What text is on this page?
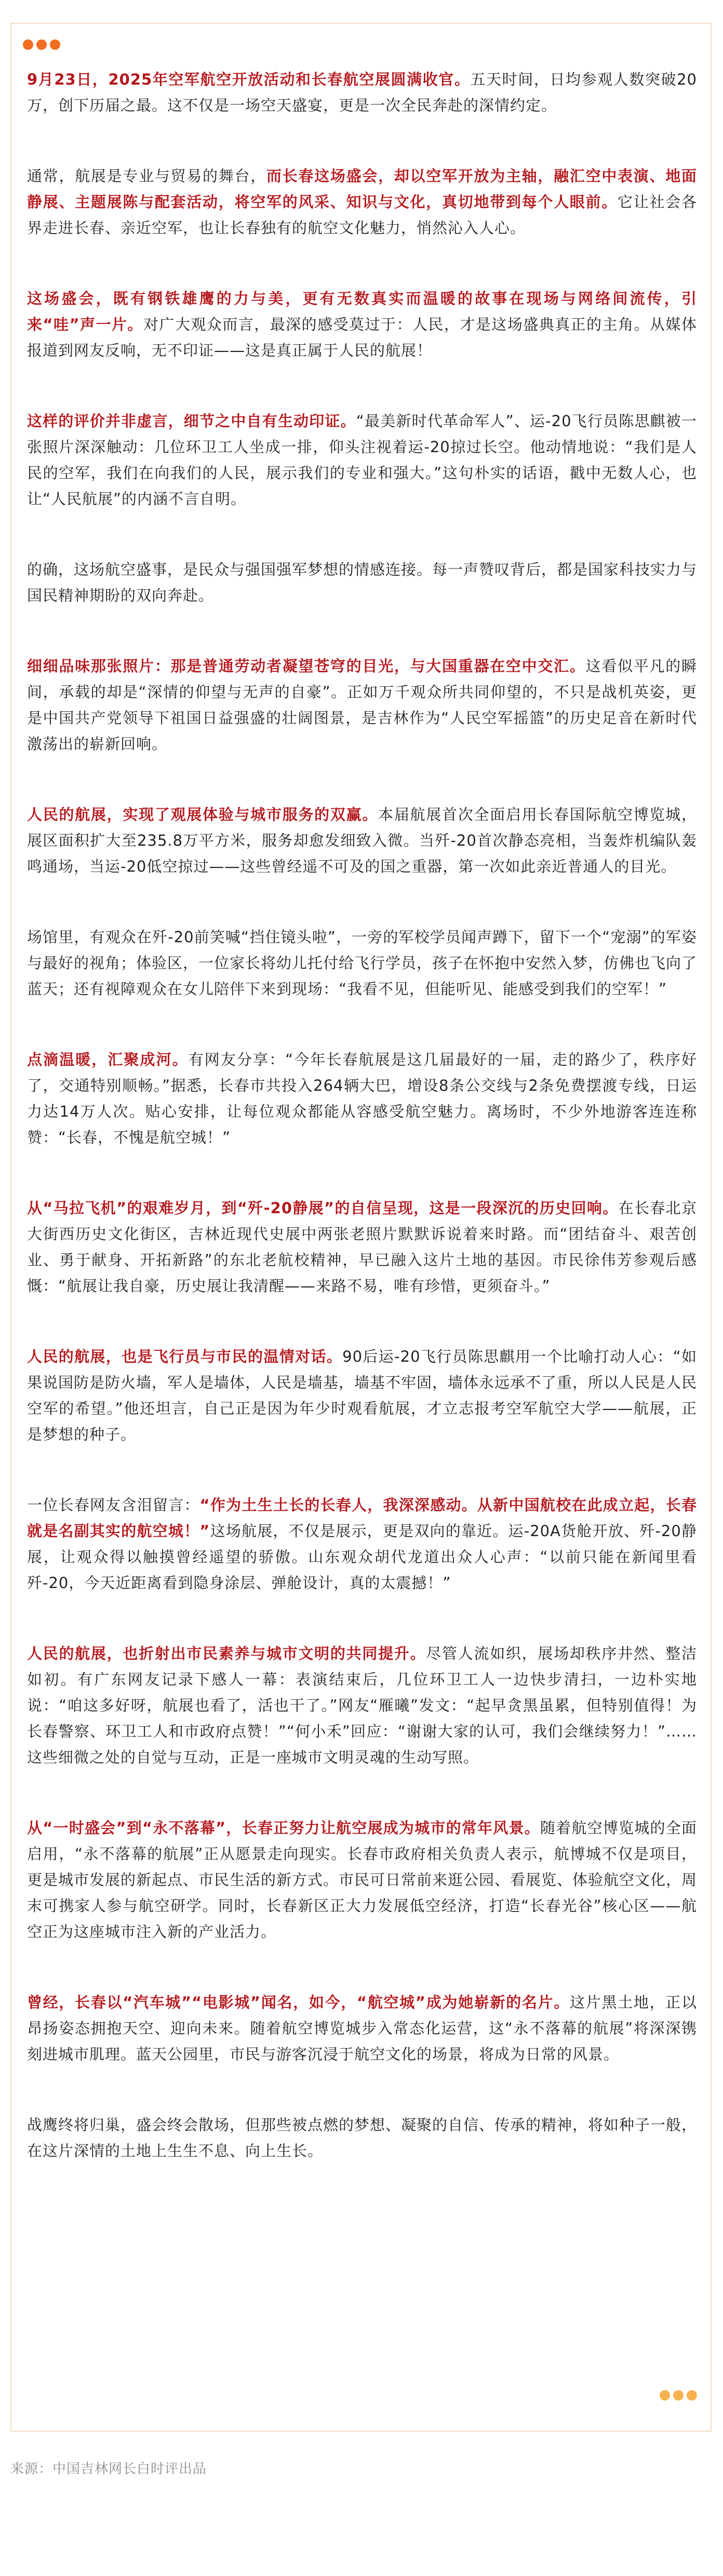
9月23日，2025年空军航空开放活动和长春航空展圆满收官。五天时间，日均参观人数突破20万，创下历届之最。这不仅是一场空天盛宴，更是一次全民奔赴的深情约定。

通常，航展是专业与贸易的舞台，而长春这场盛会，却以空军开放为主轴，融汇空中表演、地面静展、主题展陈与配套活动，将空军的风采、知识与文化，真切地带到每个人眼前。它让社会各界走进长春、亲近空军，也让长春独有的航空文化魅力，悄然沁入人心。

这场盛会，既有钢铁雄鹰的力与美，更有无数真实而温暖的故事在现场与网络间流传，引来“哇”声一片。对广大观众而言，最深的感受莫过于：人民，才是这场盛典真正的主角。从媒体报道到网友反响，无不印证——这是真正属于人民的航展！

这样的评价并非虚言，细节之中自有生动印证。“最美新时代革命军人”、运-20飞行员陈思麒被一张照片深深触动：几位环卫工人坐成一排，仰头注视着运-20掠过长空。他动情地说：“我们是人民的空军，我们在向我们的人民，展示我们的专业和强大。”这句朴实的话语，戳中无数人心，也让“人民航展”的内涵不言自明。

的确，这场航空盛事，是民众与强国强军梦想的情感连接。每一声赞叹背后，都是国家科技实力与国民精神期盼的双向奔赴。

细细品味那张照片：那是普通劳动者凝望苍穹的目光，与大国重器在空中交汇。这看似平凡的瞬间，承载的却是“深情的仰望与无声的自豪”。正如万千观众所共同仰望的，不只是战机英姿，更是中国共产党领导下祖国日益强盛的壮阔图景，是吉林作为“人民空军摇篮”的历史足音在新时代激荡出的崭新回响。

人民的航展，实现了观展体验与城市服务的双赢。本届航展首次全面启用长春国际航空博览城，展区面积扩大至235.8万平方米，服务却愈发细致入微。当歼-20首次静态亮相，当轰炸机编队轰鸣通场，当运-20低空掠过——这些曾经遥不可及的国之重器，第一次如此亲近普通人的目光。

场馆里，有观众在歼-20前笑喊“挡住镜头啦”，一旁的军校学员闻声蹲下，留下一个“宠溺”的军姿与最好的视角；体验区，一位家长将幼儿托付给飞行学员，孩子在怀抱中安然入梦，仿佛也飞向了蓝天；还有视障观众在女儿陪伴下来到现场：“我看不见，但能听见、能感受到我们的空军！”

点滴温暖，汇聚成河。有网友分享：“今年长春航展是这几届最好的一届，走的路少了，秩序好了，交通特别顺畅。”据悉，长春市共投入264辆大巴，增设8条公交线与2条免费摆渡专线，日运力达14万人次。贴心安排，让每位观众都能从容感受航空魅力。离场时，不少外地游客连连称赞：“长春，不愧是航空城！”

从“马拉飞机”的艰难岁月，到“歼-20静展”的自信呈现，这是一段深沉的历史回响。在长春北京大街西历史文化街区，吉林近现代史展中两张老照片默默诉说着来时路。而“团结奋斗、艰苦创业、勇于献身、开拓新路”的东北老航校精神，早已融入这片土地的基因。市民徐伟芳参观后感慨：“航展让我自豪，历史展让我清醒——来路不易，唯有珍惜，更须奋斗。”

人民的航展，也是飞行员与市民的温情对话。90后运-20飞行员陈思麒用一个比喻打动人心：“如果说国防是防火墙，军人是墙体，人民是墙基，墙基不牢固，墙体永远承不了重，所以人民是人民空军的希望。”他还坦言，自己正是因为年少时观看航展，才立志报考空军航空大学——航展，正是梦想的种子。

一位长春网友含泪留言：“作为土生土长的长春人，我深深感动。从新中国航校在此成立起，长春就是名副其实的航空城！”这场航展，不仅是展示，更是双向的靠近。运-20A货舱开放、歼-20静展，让观众得以触摸曾经遥望的骄傲。山东观众胡代龙道出众人心声：“以前只能在新闻里看歼-20，今天近距离看到隐身涂层、弹舱设计，真的太震撼！”

人民的航展，也折射出市民素养与城市文明的共同提升。尽管人流如织，展场却秩序井然、整洁如初。有广东网友记录下感人一幕：表演结束后，几位环卫工人一边快步清扫，一边朴实地说：“咱这多好呀，航展也看了，活也干了。”网友“雁曦”发文：“起早贪黑虽累，但特别值得！为长春警察、环卫工人和市政府点赞！”“何小禾”回应：“谢谢大家的认可，我们会继续努力！”……这些细微之处的自觉与互动，正是一座城市文明灵魂的生动写照。

从“一时盛会”到“永不落幕”，长春正努力让航空展成为城市的常年风景。随着航空博览城的全面启用，“永不落幕的航展”正从愿景走向现实。长春市政府相关负责人表示，航博城不仅是项目，更是城市发展的新起点、市民生活的新方式。市民可日常前来逛公园、看展览、体验航空文化，周末可携家人参与航空研学。同时，长春新区正大力发展低空经济，打造“长春光谷”核心区——航空正为这座城市注入新的产业活力。

曾经，长春以“汽车城”“电影城”闻名，如今，“航空城”成为她崭新的名片。这片黑土地，正以昂扬姿态拥抱天空、迎向未来。随着航空博览城步入常态化运营，这“永不落幕的航展”将深深镌刻进城市肌理。蓝天公园里，市民与游客沉浸于航空文化的场景，将成为日常的风景。

战鹰终将归巢，盛会终会散场，但那些被点燃的梦想、凝聚的自信、传承的精神，将如种子一般，在这片深情的土地上生生不息、向上生长。

来源：中国吉林网长白时评出品
